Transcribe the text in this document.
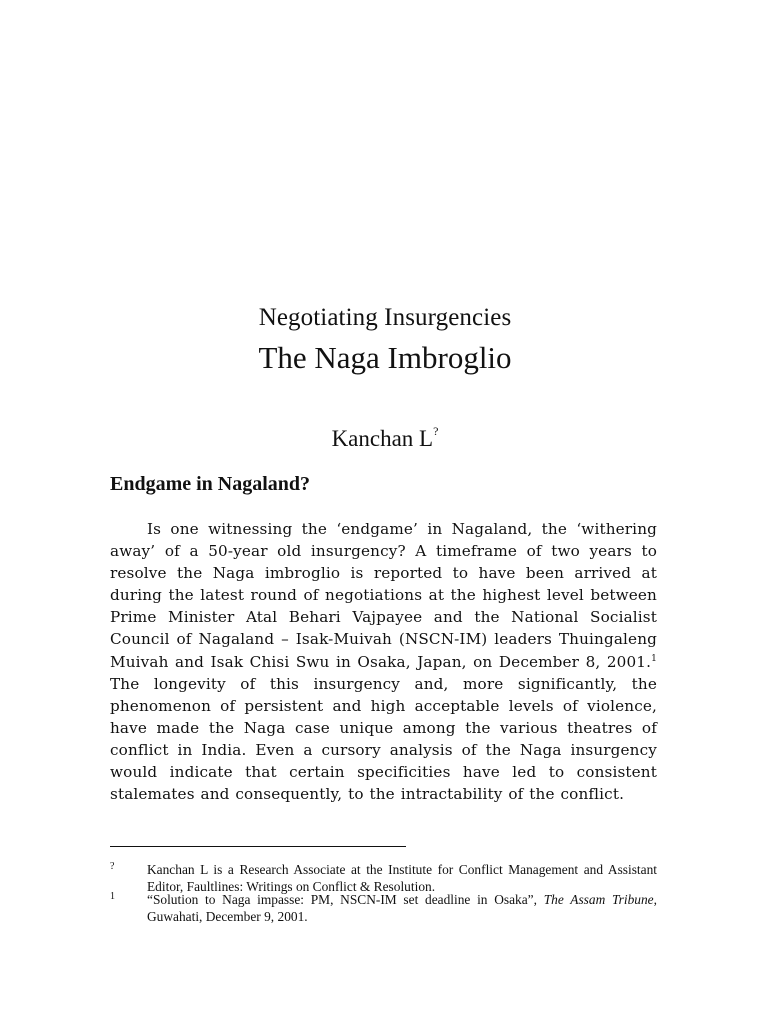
Negotiating Insurgencies
The Naga Imbroglio
Kanchan L?
Endgame in Nagaland?

Is one witnessing the ‘endgame’ in Nagaland, the ‘withering away’ of a 50-year old insurgency? A timeframe of two years to resolve the Naga imbroglio is reported to have been arrived at during the latest round of negotiations at the highest level between Prime Minister Atal Behari Vajpayee and the National Socialist Council of Nagaland – Isak-Muivah (NSCN-IM) leaders Thuingaleng Muivah and Isak Chisi Swu in Osaka, Japan, on December 8, 2001.$^1$ The longevity of this insurgency and, more significantly, the phenomenon of persistent and high acceptable levels of violence, have made the Naga case unique among the various theatres of conflict in India. Even a cursory analysis of the Naga insurgency would indicate that certain specificities have led to consistent stalemates and consequently, to the intractability of the conflict.

? Kanchan L is a Research Associate at the Institute for Conflict Management and Assistant Editor, Faultlines: Writings on Conflict & Resolution.
1 “Solution to Naga impasse: PM, NSCN-IM set deadline in Osaka”, The Assam Tribune, Guwahati, December 9, 2001.
